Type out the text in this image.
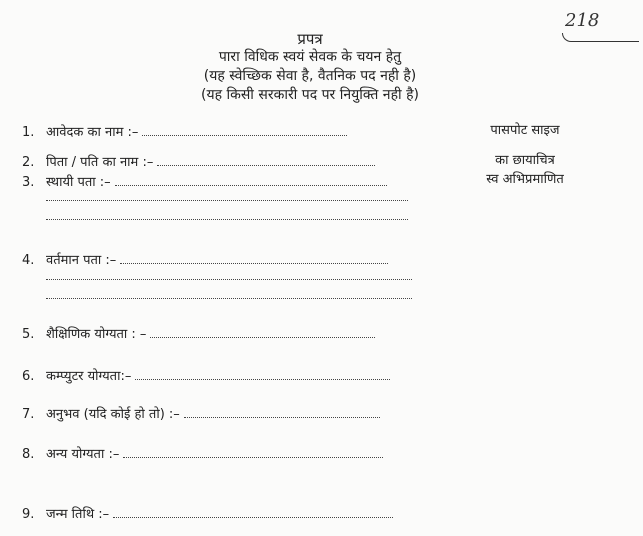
218
प्रपत्र
पारा विधिक स्वयं सेवक के चयन हेतु
(यह स्वेच्छिक सेवा है, वैतनिक पद नही है)
(यह किसी सरकारी पद पर नियुक्ति नही है)
पासपोट साइज
का छायाचित्र
स्व अभिप्रमाणित
1. आवेदक का नाम :–
2. पिता / पति का नाम :–
3. स्थायी पता :–
4. वर्तमान पता :–
5. शैक्षिणिक योग्यता : –
6. कम्प्युटर योग्यता:–
7. अनुभव (यदि कोई हो तो) :–
8. अन्य योग्यता :–
9. जन्म तिथि :–
